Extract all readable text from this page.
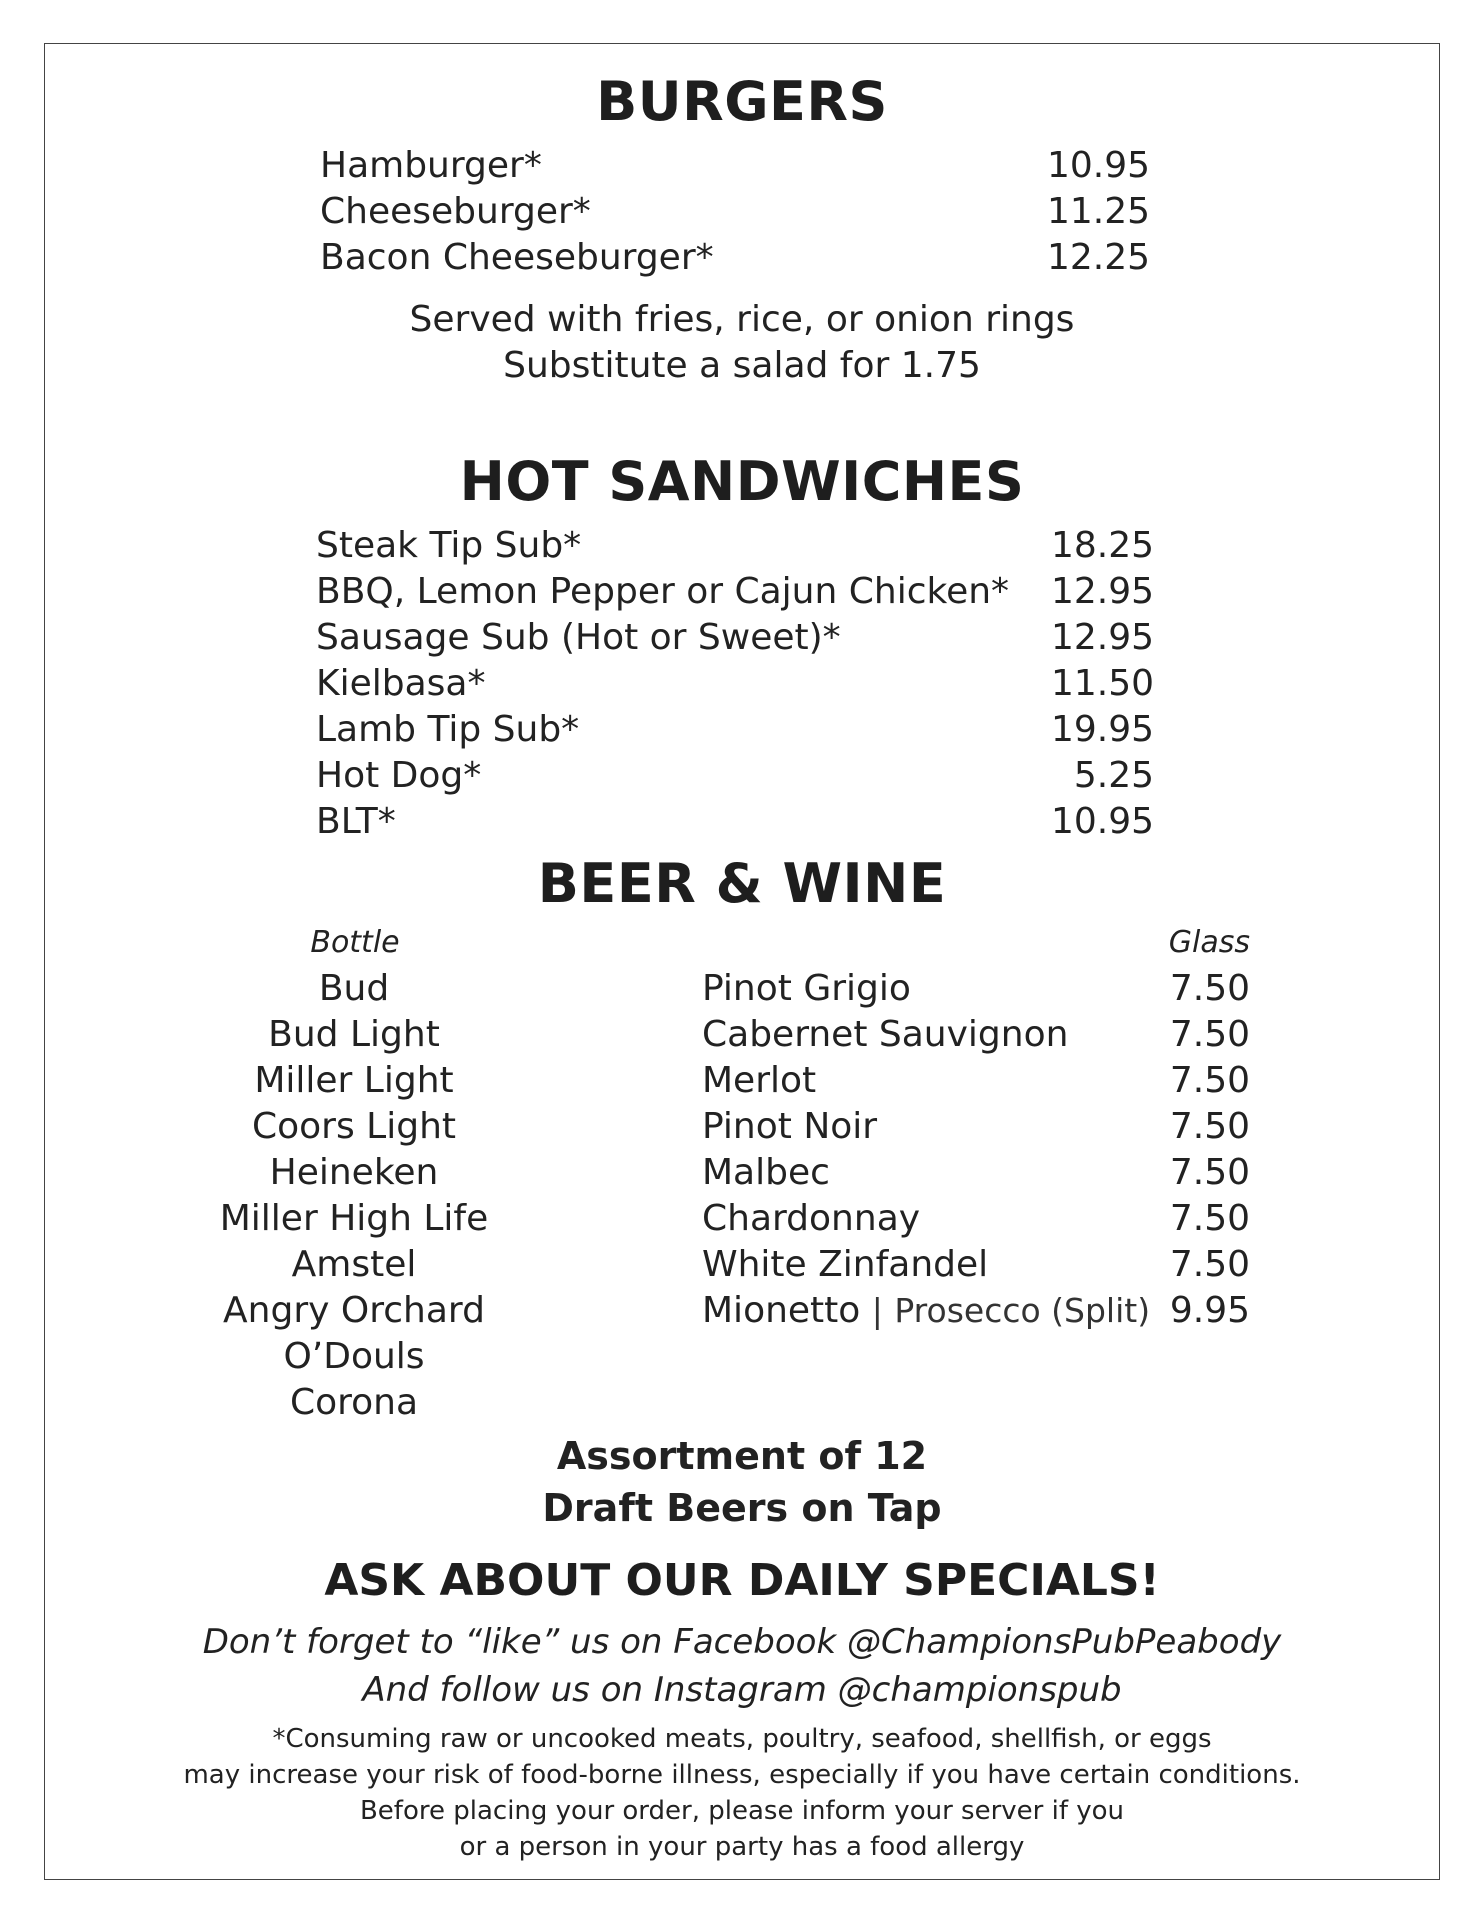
BURGERS
Hamburger*	10.95
Cheeseburger*	11.25
Bacon Cheeseburger*	12.25
Served with fries, rice, or onion rings
Substitute a salad for 1.75
HOT SANDWICHES
Steak Tip Sub*	18.25
BBQ, Lemon Pepper or Cajun Chicken*	12.95
Sausage Sub (Hot or Sweet)*	12.95
Kielbasa*	11.50
Lamb Tip Sub*	19.95
Hot Dog*	5.25
BLT*	10.95
BEER & WINE
Bottle	Glass
Bud
Bud Light
Miller Light
Coors Light
Heineken
Miller High Life
Amstel
Angry Orchard
O’Douls
Corona
Pinot Grigio	7.50
Cabernet Sauvignon	7.50
Merlot	7.50
Pinot Noir	7.50
Malbec	7.50
Chardonnay	7.50
White Zinfandel	7.50
Mionetto | Prosecco (Split) 9.95
Assortment of 12
Draft Beers on Tap
ASK ABOUT OUR DAILY SPECIALS!
Don’t forget to “like” us on Facebook @ChampionsPubPeabody
And follow us on Instagram @championspub
*Consuming raw or uncooked meats, poultry, seafood, shellfish, or eggs
may increase your risk of food-borne illness, especially if you have certain conditions.
Before placing your order, please inform your server if you
or a person in your party has a food allergy
